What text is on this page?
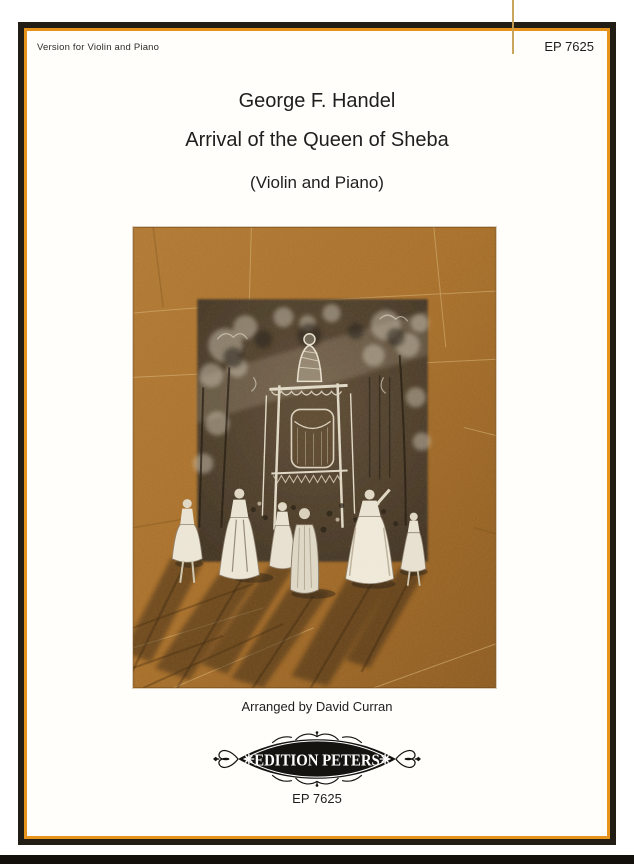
Version for Violin and Piano	EP 7625
George F. Handel
Arrival of the Queen of Sheba
(Violin and Piano)
Arranged by David Curran
EDITION PETERS
EP 7625
